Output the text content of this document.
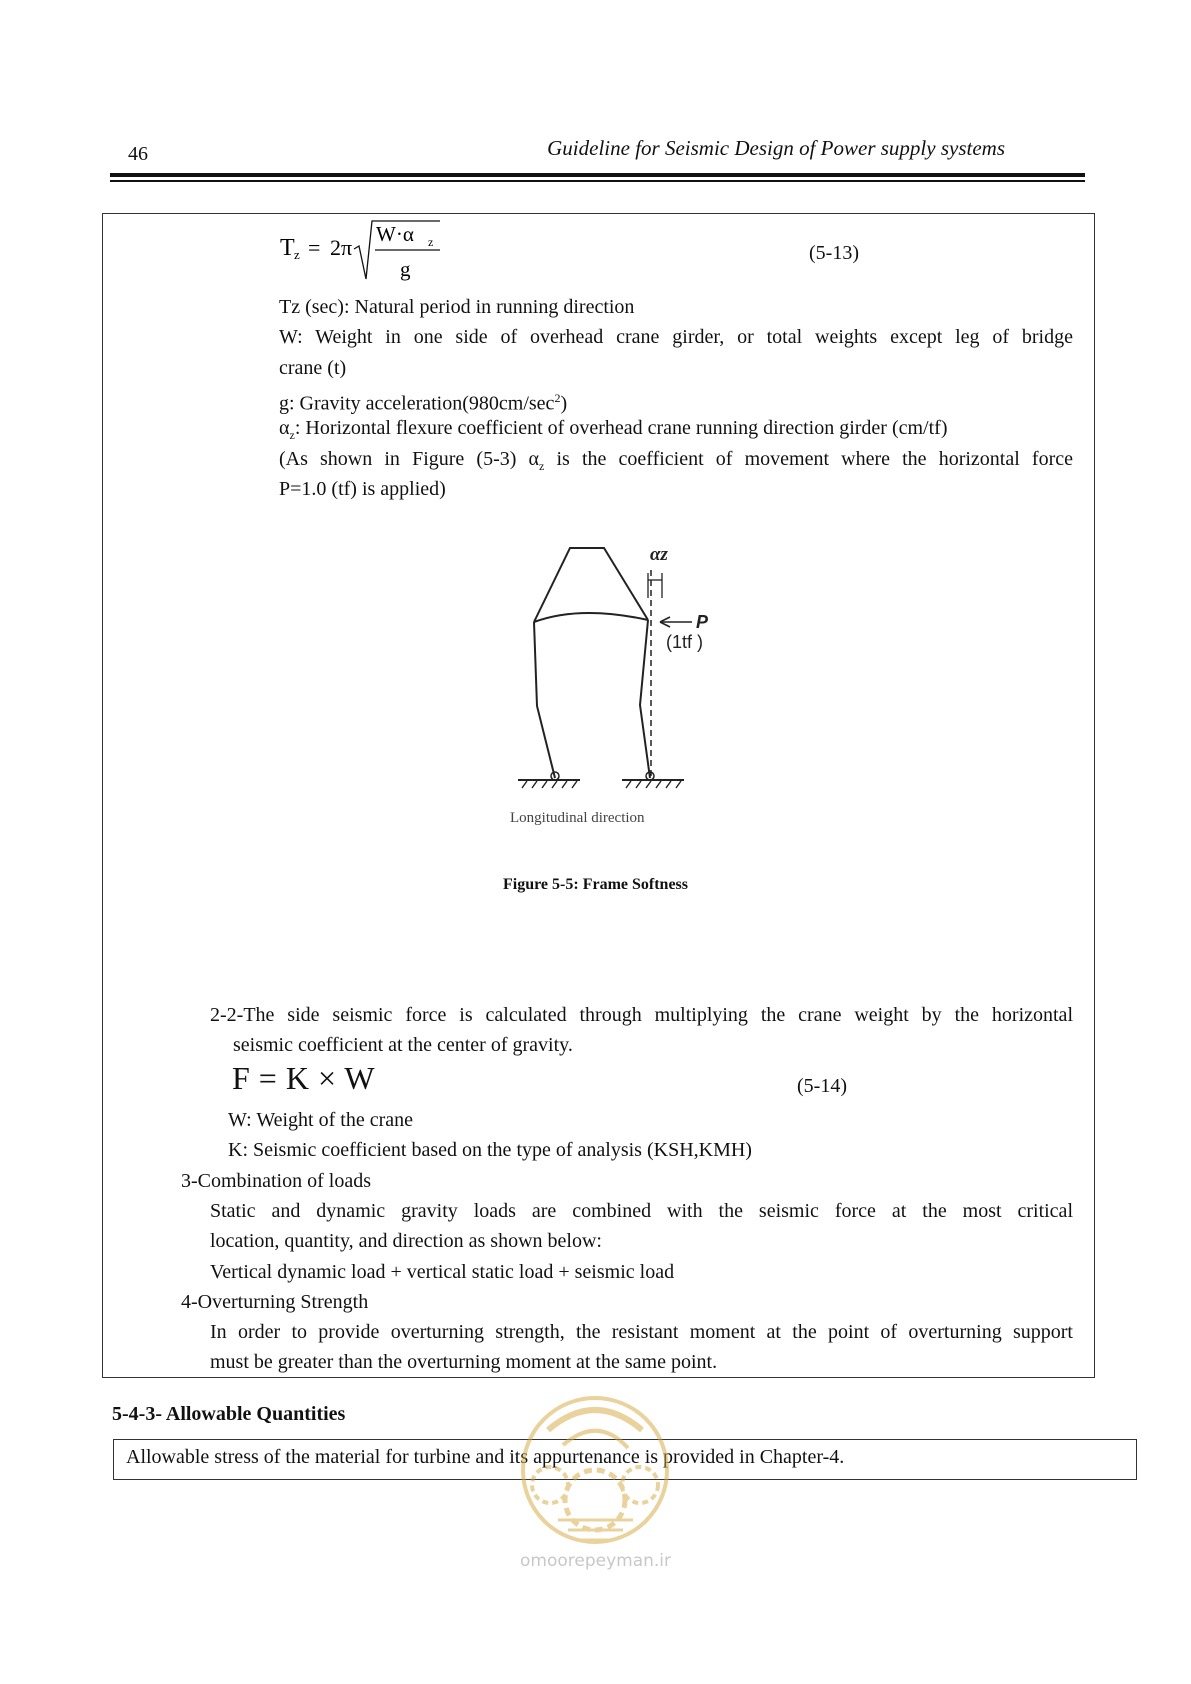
46	Guideline for Seismic Design of Power supply systems
T z = 2π
W·α z
g
(5-13)
Tz (sec): Natural period in running direction
W: Weight in one side of overhead crane girder, or total weights except leg of bridge
crane (t)
g: Gravity $acceleration(980cm/\sec^2)$
$\alpha_z$: Horizontal flexure coefficient of overhead crane running direction girder (cm/tf)
(As shown in Figure (5-3) $\alpha_z$ is the coefficient of movement where the horizontal force
P=1.0 (tf) is applied)
αz
P
(1tf )
Longitudinal direction
Figure 5-5: Frame Softness
2-2-The side seismic force is calculated through multiplying the crane weight by the horizontal
seismic coefficient at the center of gravity.
F = K × W	(5-14)
W: Weight of the crane
K: Seismic coefficient based on the type of analysis (KSH,KMH)
3-Combination of loads
Static and dynamic gravity loads are combined with the seismic force at the most critical
location, quantity, and direction as shown below:
Vertical dynamic load + vertical static load + seismic load
4-Overturning Strength
In order to provide overturning strength, the resistant moment at the point of overturning support
must be greater than the overturning moment at the same point.
5-4-3- Allowable Quantities
Allowable stress of the material for turbine and its appurtenance is provided in Chapter-4.
omoorepeyman.ir
